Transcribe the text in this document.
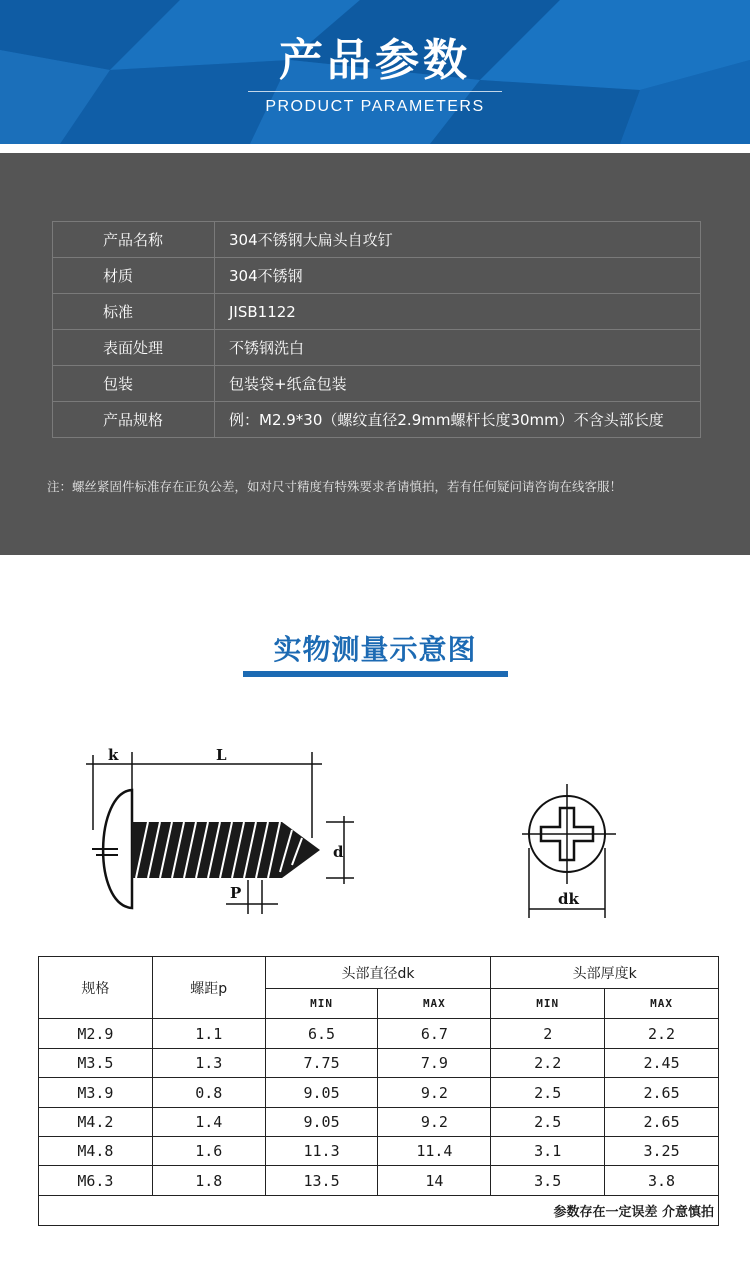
产品参数
PRODUCT PARAMETERS
产品名称	304不锈钢大扁头自攻钉
材质	304不锈钢
标准	JISB1122
表面处理	不锈钢洗白
包装	包装袋+纸盒包装
产品规格	例：M2.9*30（螺纹直径2.9mm螺杆长度30mm）不含头部长度
注：螺丝紧固件标准存在正负公差，如对尺寸精度有特殊要求者请慎拍，若有任何疑问请咨询在线客服！
实物测量示意图
k	L
d
P	dk
规格	螺距p	头部直径dk		头部厚度k	
		MIN	MAX	MIN	MAX
M2.9	1.1	6.5	6.7	2	2.2
M3.5	1.3	7.75	7.9	2.2	2.45
M3.9	0.8	9.05	9.2	2.5	2.65
M4.2	1.4	9.05	9.2	2.5	2.65
M4.8	1.6	11.3	11.4	3.1	3.25
M6.3	1.8	13.5	14	3.5	3.8
参数存在一定误差 介意慎拍					
